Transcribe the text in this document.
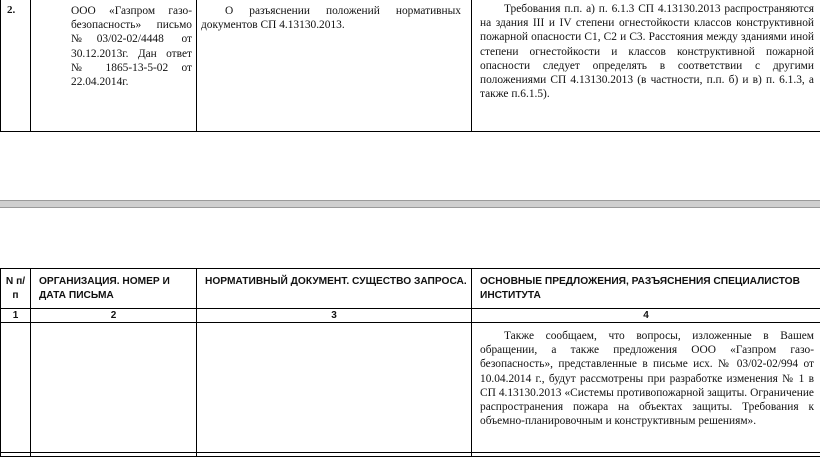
2.	ООО «Газпром газо-безопасность» письмо №03/02-02/4448 от 30.12.2013г. Дан ответ № 1865-13-5-02 от 22.04.2014г.	О разъяснении положений нормативных документов СП 4.13130.2013.	Требования п.п. а) п. 6.1.3 СП 4.13130.2013 распространяются на здания III и IV степени огнестойкости классов конструктивной пожарной опасности С1, С2 и С3. Расстояния между зданиями иной степени огнестойкости и классов конструктивной пожарной опасности следует определять в соответствии с другими положениями СП 4.13130.2013 (в частности, п.п. б) и в) п. 6.1.3, а также п.6.1.5).
N п/п	ОРГАНИЗАЦИЯ. НОМЕР И ДАТА ПИСЬМА	НОРМАТИВНЫЙ ДОКУМЕНТ. СУЩЕСТВО ЗАПРОСА.	ОСНОВНЫЕ ПРЕДЛОЖЕНИЯ, РАЗЪЯСНЕНИЯ СПЕЦИАЛИСТОВ ИНСТИТУТА
1	2	3	4
			Также сообщаем, что вопросы, изложенные в Вашем обращении, а также предложения ООО «Газпром газо-безопасность», представленные в письме исх. № 03/02-02/994 от 10.04.2014 г., будут рассмотрены при разработке изменения № 1 в СП 4.13130.2013 «Системы противопожарной защиты. Ограничение распространения пожара на объектах защиты. Требования к объемно-планировочным и конструктивным решениям».
